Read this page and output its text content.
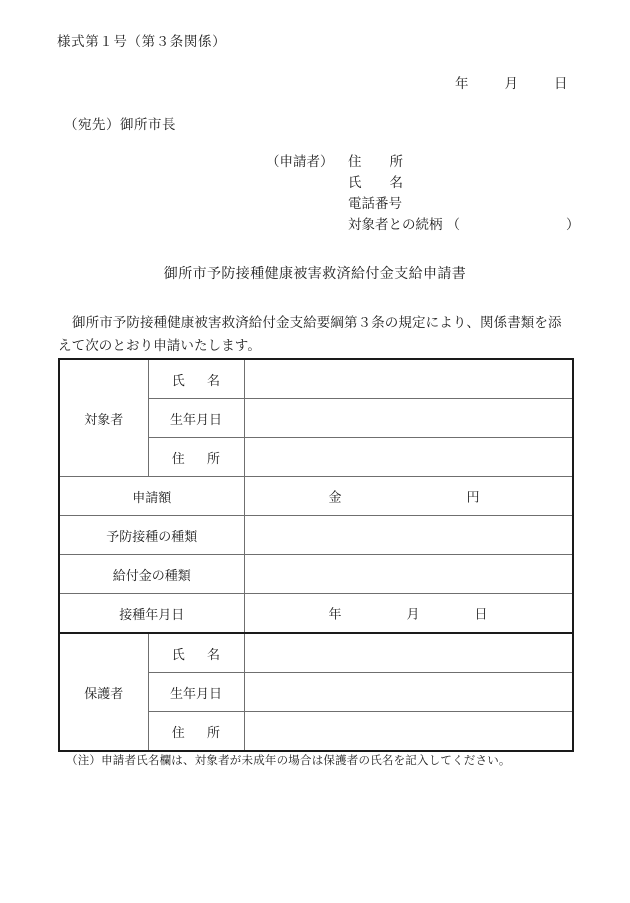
様式第１号（第３条関係）
年	月	日
（宛先）御所市長
（申請者）	住 所
氏 名
電話番号
対象者との続柄 （	）
御所市予防接種健康被害救済給付金支給申請書
御所市予防接種健康被害救済給付金支給要綱第３条の規定により、関係書類を添えて次のとおり申請いたします。
対象者	氏 名	
	生年月日	
	住 所	
申請額		金 円

予防接種の種類		
給付金の種類		
接種年月日		年 月 日

保護者	氏 名	
	生年月日	
	住 所	
（注）申請者氏名欄は、対象者が未成年の場合は保護者の氏名を記入してください。
